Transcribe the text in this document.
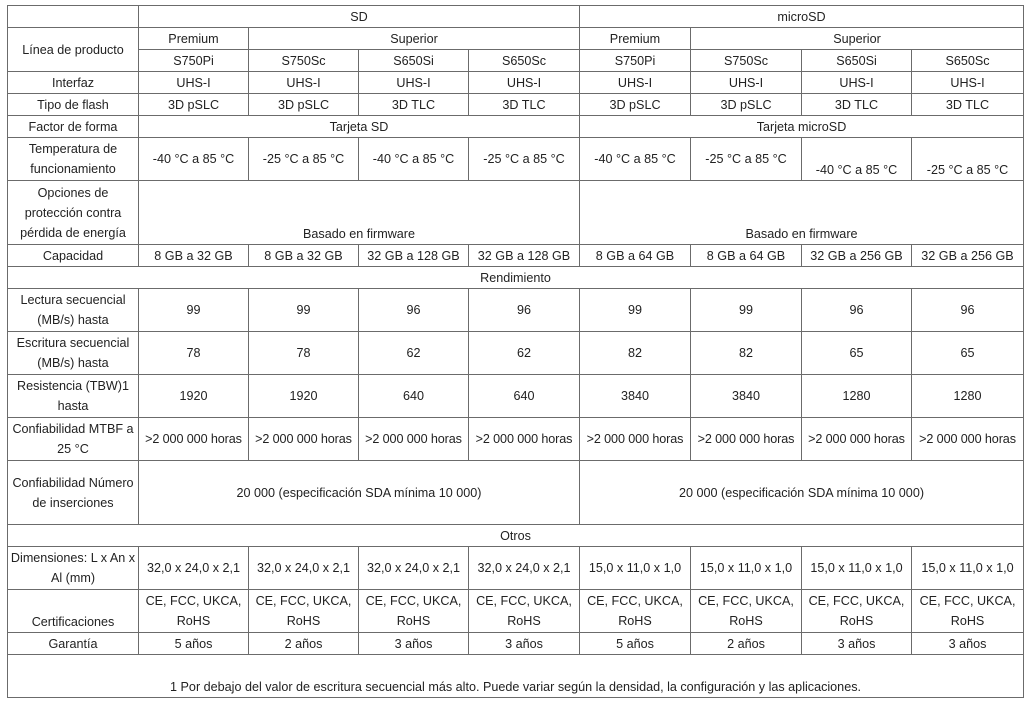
	SD				microSD			
Línea de producto	Premium	Superior			Premium	Superior		
	S750Pi	S750Sc	S650Si	S650Sc	S750Pi	S750Sc	S650Si	S650Sc
Interfaz	UHS-I	UHS-I	UHS-I	UHS-I	UHS-I	UHS-I	UHS-I	UHS-I
Tipo de flash	3D pSLC	3D pSLC	3D TLC	3D TLC	3D pSLC	3D pSLC	3D TLC	3D TLC
Factor de forma	Tarjeta SD				Tarjeta microSD			
Temperatura de funcionamiento	-40 °C a 85 °C	-25 °C a 85 °C	-40 °C a 85 °C	-25 °C a 85 °C	-40 °C a 85 °C	-25 °C a 85 °C	-40 °C a 85 °C	-25 °C a 85 °C
Opciones de protección contra pérdida de energía	Basado en firmware				Basado en firmware			
Capacidad	8 GB a 32 GB	8 GB a 32 GB	32 GB a 128 GB	32 GB a 128 GB	8 GB a 64 GB	8 GB a 64 GB	32 GB a 256 GB	32 GB a 256 GB
Rendimiento								
Lectura secuencial (MB/s) hasta	99	99	96	96	99	99	96	96
Escritura secuencial (MB/s) hasta	78	78	62	62	82	82	65	65
Resistencia (TBW)1 hasta	1920	1920	640	640	3840	3840	1280	1280
Confiabilidad MTBF a 25 °C	>2 000 000 horas	>2 000 000 horas	>2 000 000 horas	>2 000 000 horas	>2 000 000 horas	>2 000 000 horas	>2 000 000 horas	>2 000 000 horas
Confiabilidad Número de inserciones	20 000 (especificación SDA mínima 10 000)				20 000 (especificación SDA mínima 10 000)			
Otros								
Dimensiones: L x An x Al (mm)	32,0 x 24,0 x 2,1	32,0 x 24,0 x 2,1	32,0 x 24,0 x 2,1	32,0 x 24,0 x 2,1	15,0 x 11,0 x 1,0	15,0 x 11,0 x 1,0	15,0 x 11,0 x 1,0	15,0 x 11,0 x 1,0
Certificaciones	CE, FCC, UKCA, RoHS	CE, FCC, UKCA, RoHS	CE, FCC, UKCA, RoHS	CE, FCC, UKCA, RoHS	CE, FCC, UKCA, RoHS	CE, FCC, UKCA, RoHS	CE, FCC, UKCA, RoHS	CE, FCC, UKCA, RoHS
Garantía	5 años	2 años	3 años	3 años	5 años	2 años	3 años	3 años
1 Por debajo del valor de escritura secuencial más alto. Puede variar según la densidad, la configuración y las aplicaciones.								
